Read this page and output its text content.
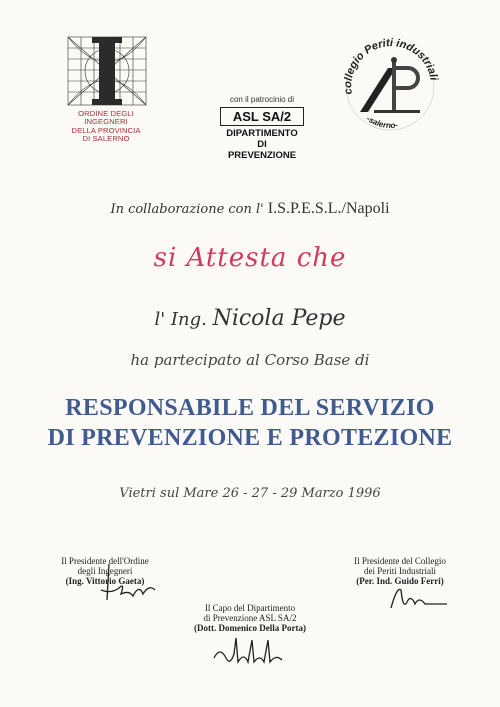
ORDINE DEGLI
INGEGNERI
DELLA PROVINCIA
DI SALERNO
con il patrocinio di
ASL SA/2
DIPARTIMENTO
DI
PREVENZIONE
collegio Periti industriali
-salerno-
In collaborazione con l' I.S.P.E.S.L./Napoli
si Attesta che
l' Ing. Nicola Pepe
ha partecipato al Corso Base di
RESPONSABILE DEL SERVIZIO
DI PREVENZIONE E PROTEZIONE
Vietri sul Mare 26 - 27 - 29 Marzo 1996
Il Presidente dell'Ordine
degli Ingegneri
(Ing. Vittorio Gaeta)
Il Presidente del Collegio
dei Periti Industriali
(Per. Ind. Guido Ferri)
Il Capo del Dipartimento
di Prevenzione ASL SA/2
(Dott. Domenico Della Porta)
